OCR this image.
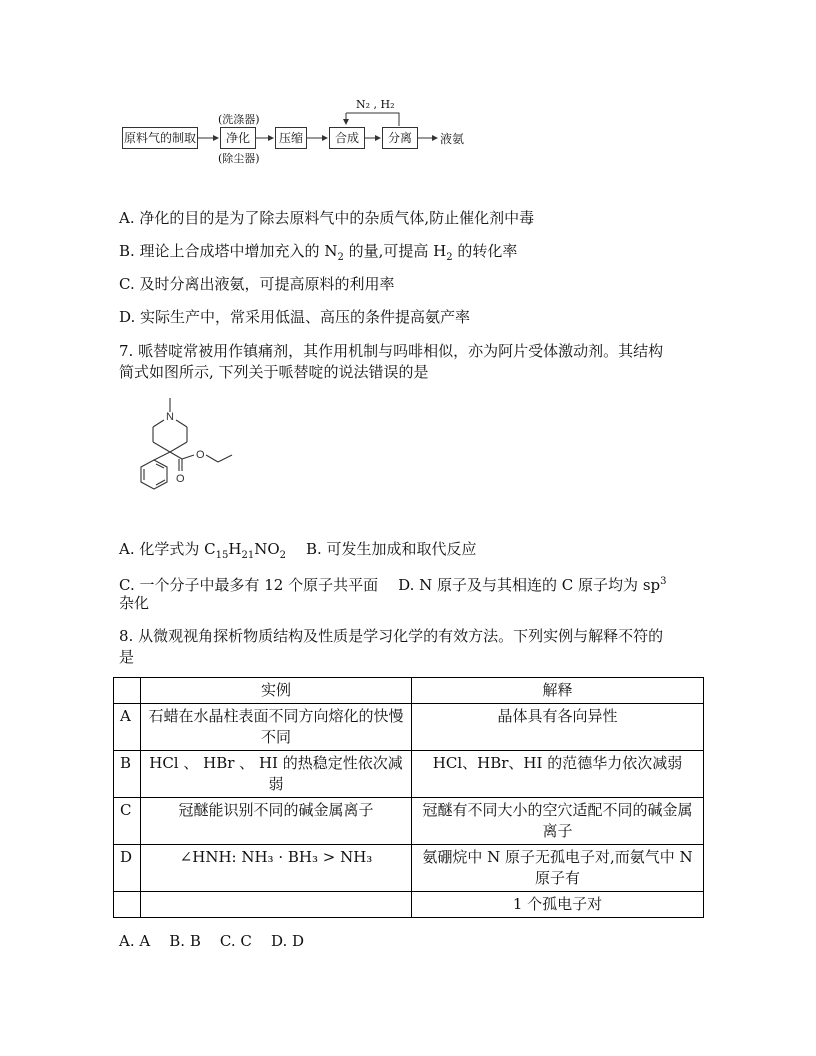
N₂ , H₂
(洗涤器)
(除尘器)
原料气的制取	净化	压缩	合成	分离	液氨
A. 净化的目的是为了除去原料气中的杂质气体,防止催化剂中毒
B. 理论上合成塔中增加充入的 $N_2$ 的量,可提高 $H_2$ 的转化率
C. 及时分离出液氨，可提高原料的利用率
D. 实际生产中，常采用低温、高压的条件提高氨产率
7. 哌替啶常被用作镇痛剂，其作用机制与吗啡相似，亦为阿片受体激动剂。其结构
简式如图所示, 下列关于哌替啶的说法错误的是
N
O
O
A. 化学式为 $C_{15}H_{21}NO_2$ B. 可发生加成和取代反应
C. 一个分子中最多有 12 个原子共平面 D. N 原子及与其相连的 C 原子均为 $sp^3$
杂化
8. 从微观视角探析物质结构及性质是学习化学的有效方法。下列实例与解释不符的
是
	实例	解释
A	石蜡在水晶柱表面不同方向熔化的快慢不同	晶体具有各向异性
B	HCl 、 HBr 、 HI 的热稳定性依次减弱	HCl、HBr、HI 的范德华力依次减弱
C	冠醚能识别不同的碱金属离子	冠醚有不同大小的空穴适配不同的碱金属离子
D	∠HNH: NH₃ · BH₃ > NH₃	氨硼烷中 N 原子无孤电子对,而氨气中 N 原子有
		1 个孤电子对
A. A    B. B    C. C    D. D
